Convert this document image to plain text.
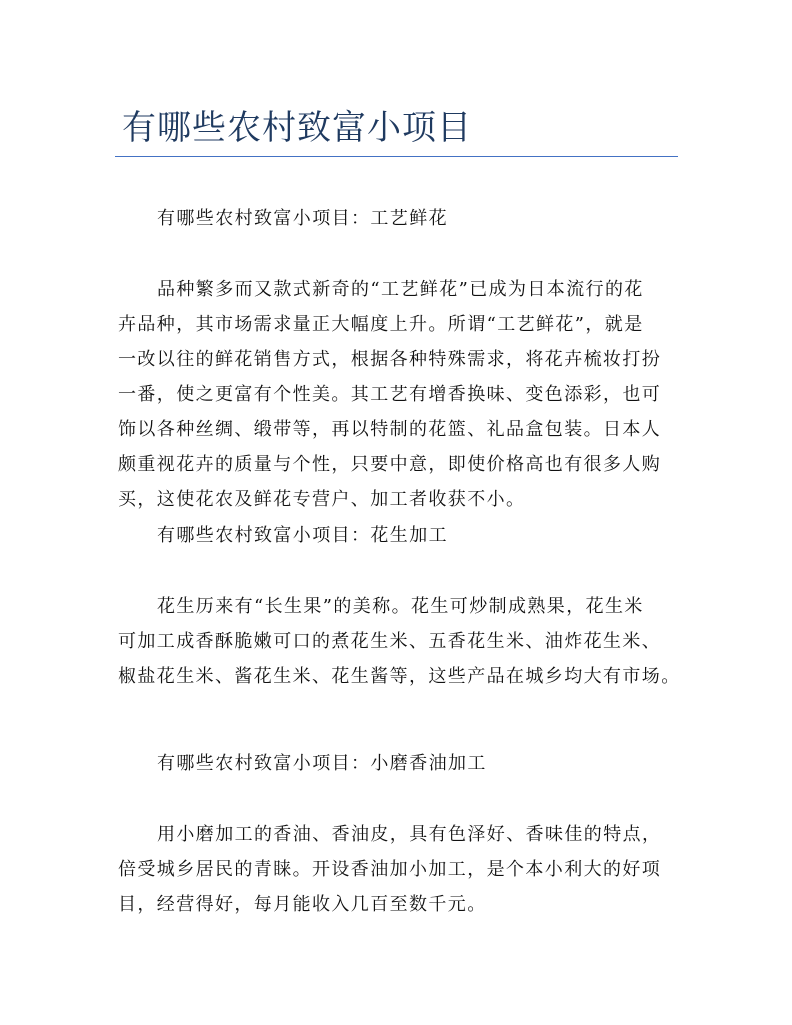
有哪些农村致富小项目
有哪些农村致富小项目：工艺鲜花
品种繁多而又款式新奇的“工艺鲜花”已成为日本流行的花
卉品种，其市场需求量正大幅度上升。所谓“工艺鲜花”，就是
一改以往的鲜花销售方式，根据各种特殊需求，将花卉梳妆打扮
一番，使之更富有个性美。其工艺有增香换味、变色添彩，也可
饰以各种丝绸、缎带等，再以特制的花篮、礼品盒包装。日本人
颇重视花卉的质量与个性，只要中意，即使价格高也有很多人购
买，这使花农及鲜花专营户、加工者收获不小。
有哪些农村致富小项目：花生加工
花生历来有“长生果”的美称。花生可炒制成熟果，花生米
可加工成香酥脆嫩可口的煮花生米、五香花生米、油炸花生米、
椒盐花生米、酱花生米、花生酱等，这些产品在城乡均大有市场。
有哪些农村致富小项目：小磨香油加工
用小磨加工的香油、香油皮，具有色泽好、香味佳的特点，
倍受城乡居民的青睐。开设香油加小加工，是个本小利大的好项
目，经营得好，每月能收入几百至数千元。
